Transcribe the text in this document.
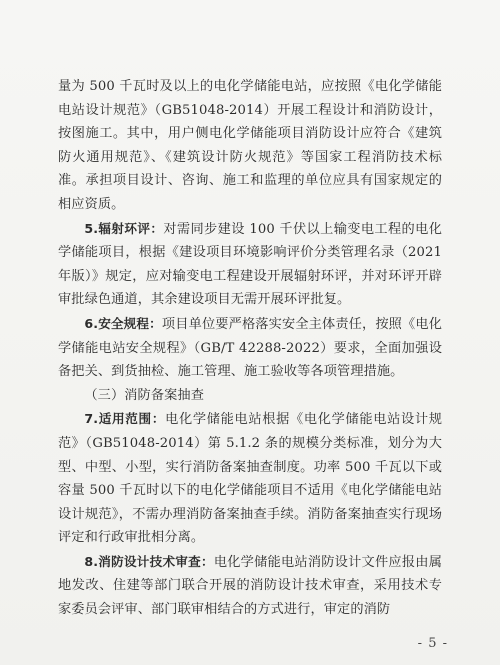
量为 500 千瓦时及以上的电化学储能电站，应按照《电化学储能电站设计规范》（GB51048-2014）开展工程设计和消防设计，按图施工。其中，用户侧电化学储能项目消防设计应符合《建筑防火通用规范》、《建筑设计防火规范》等国家工程消防技术标准。承担项目设计、咨询、施工和监理的单位应具有国家规定的相应资质。

5.辐射环评：对需同步建设 100 千伏以上输变电工程的电化学储能项目，根据《建设项目环境影响评价分类管理名录（2021 年版）》规定，应对输变电工程建设开展辐射环评，并对环评开辟审批绿色通道，其余建设项目无需开展环评批复。

6.安全规程：项目单位要严格落实安全主体责任，按照《电化学储能电站安全规程》（GB/T 42288-2022）要求，全面加强设备把关、到货抽检、施工管理、施工验收等各项管理措施。

（三）消防备案抽查

7.适用范围：电化学储能电站根据《电化学储能电站设计规范》（GB51048-2014）第 5.1.2 条的规模分类标准，划分为大型、中型、小型，实行消防备案抽查制度。功率 500 千瓦以下或容量 500 千瓦时以下的电化学储能项目不适用《电化学储能电站设计规范》，不需办理消防备案抽查手续。消防备案抽查实行现场评定和行政审批相分离。

8.消防设计技术审查：电化学储能电站消防设计文件应报由属地发改、住建等部门联合开展的消防设计技术审查，采用技术专家委员会评审、部门联审相结合的方式进行，审定的消防

- 5 -
